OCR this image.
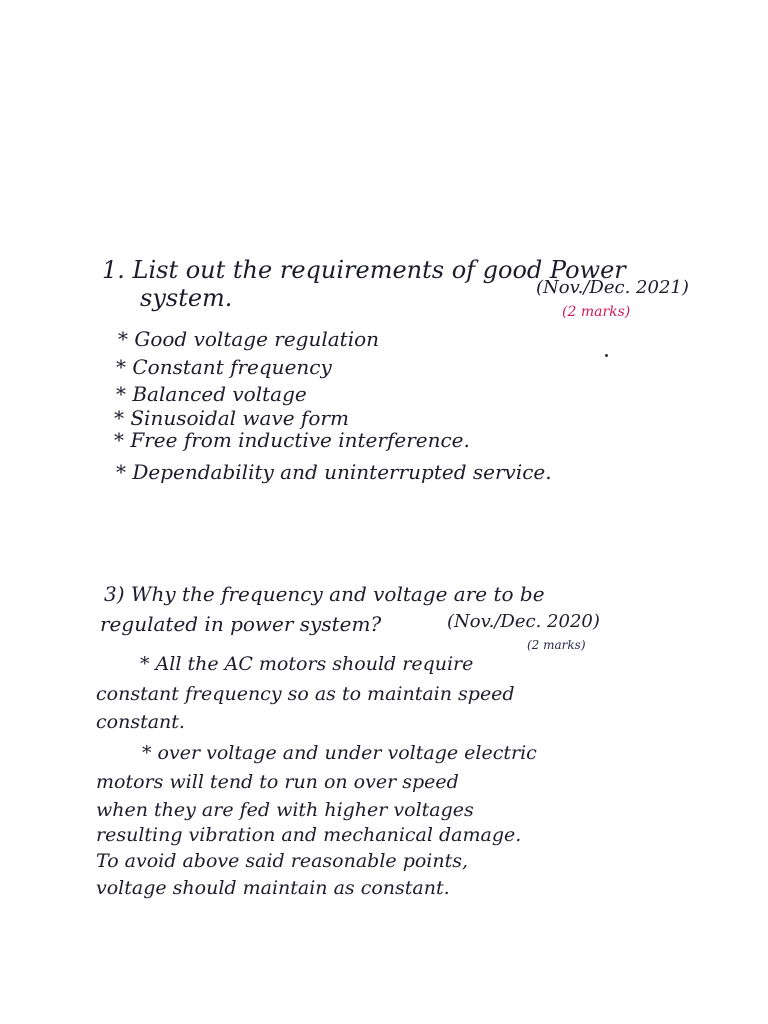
1. List out the requirements of good Power
system.	(Nov./Dec. 2021)
(2 marks)
* Good voltage regulation
* Constant frequency
* Balanced voltage
* Sinusoidal wave form
* Free from inductive interference.
* Dependability and uninterrupted service.
3) Why the frequency and voltage are to be
regulated in power system?	(Nov./Dec. 2020)
(2 marks)
* All the AC motors should require
constant frequency so as to maintain speed
constant.
* over voltage and under voltage electric
motors will tend to run on over speed
when they are fed with higher voltages
resulting vibration and mechanical damage.
To avoid above said reasonable points,
voltage should maintain as constant.
